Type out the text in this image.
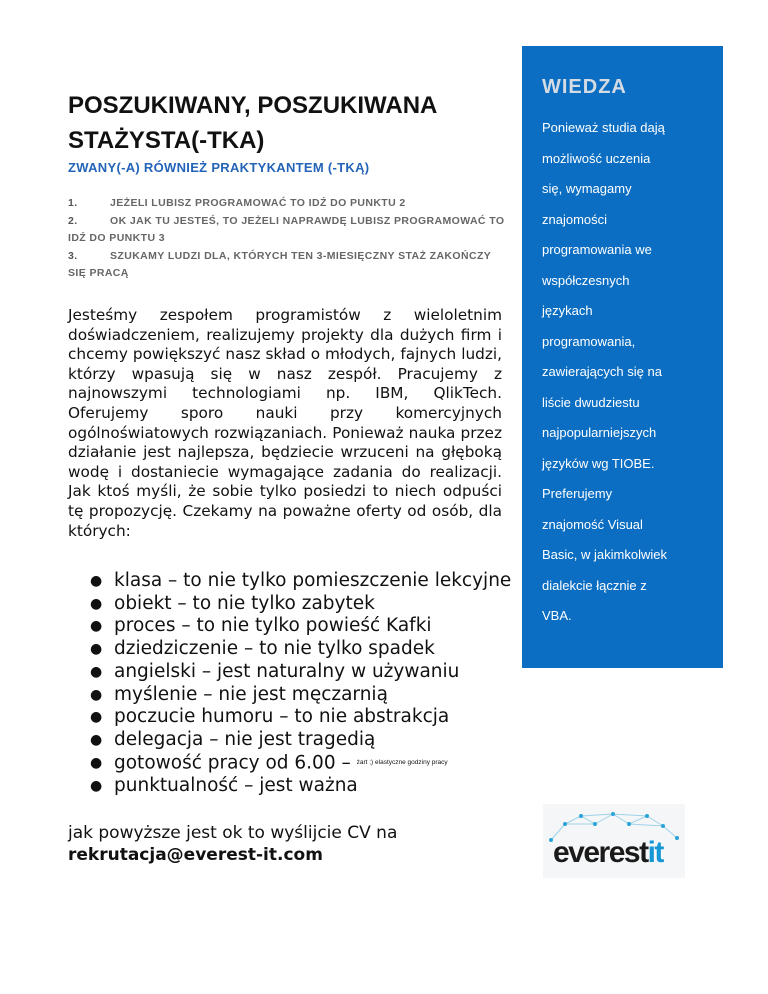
POSZUKIWANY, POSZUKIWANA STAŻYSTA(-TKA)
ZWANY(-A) RÓWNIEŻ PRAKTYKANTEM (-TKĄ)
1.	JEŻELI LUBISZ PROGRAMOWAĆ TO IDŹ DO PUNKTU 2
2.	OK JAK TU JESTEŚ, TO JEŻELI NAPRAWDĘ LUBISZ PROGRAMOWAĆ TO IDŹ DO PUNKTU 3
3.	SZUKAMY LUDZI DLA, KTÓRYCH TEN 3-MIESIĘCZNY STAŻ ZAKOŃCZY SIĘ PRACĄ

Jesteśmy zespołem programistów z wieloletnim doświadczeniem, realizujemy projekty dla dużych firm i chcemy powiększyć nasz skład o młodych, fajnych ludzi, którzy wpasują się w nasz zespół. Pracujemy z najnowszymi technologiami np. IBM, QlikTech. Oferujemy sporo nauki przy komercyjnych ogólnoświatowych rozwiązaniach. Ponieważ nauka przez działanie jest najlepsza, będziecie wrzuceni na głęboką wodę i dostaniecie wymagające zadania do realizacji. Jak ktoś myśli, że sobie tylko posiedzi to niech odpuści tę propozycję. Czekamy na poważne oferty od osób, dla których:

● klasa – to nie tylko pomieszczenie lekcyjne
● obiekt – to nie tylko zabytek
● proces – to nie tylko powieść Kafki
● dziedziczenie – to nie tylko spadek
● angielski – jest naturalny w używaniu
● myślenie – nie jest męczarnią
● poczucie humoru – to nie abstrakcja
● delegacja – nie jest tragedią
● gotowość pracy od 6.00 – żart ;) elastyczne godziny pracy
● punktualność – jest ważna
jak powyższe jest ok to wyślijcie CV na
rekrutacja@everest-it.com
WIEDZA
Ponieważ studia dają
możliwość uczenia
się, wymagamy
znajomości
programowania we
współczesnych
językach
programowania,
zawierających się na
liście dwudziestu
najpopularniejszych
języków wg TIOBE.
Preferujemy
znajomość Visual
Basic, w jakimkolwiek
dialekcie łącznie z
VBA.
everestit
